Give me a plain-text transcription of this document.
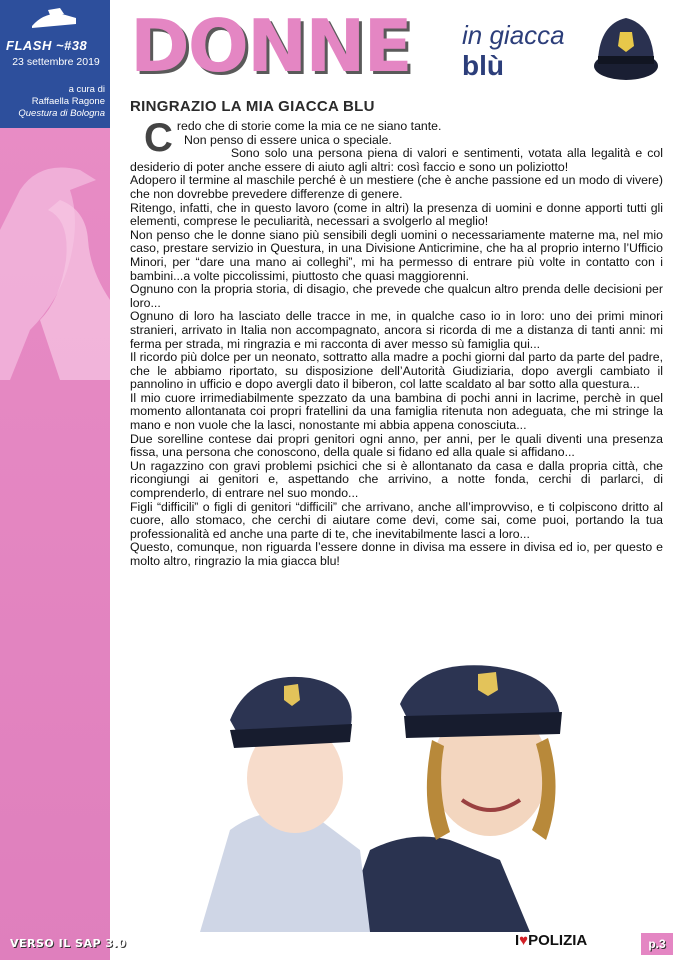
FLASH ~#38
23 settembre 2019
a cura di
Raffaella Ragone
Questura di Bologna
DONNE in giacca
blù
RINGRAZIO LA MIA GIACCA BLU
C redo che di storie come la mia ce ne siano tante.

Non penso di essere unica o speciale.

Sono solo una persona piena di valori e sentimenti, votata alla legalità e col desiderio di poter anche essere di aiuto agli altri: così faccio e sono un poliziotto!

Adopero il termine al maschile perché è un mestiere (che è anche passione ed un modo di vivere) che non dovrebbe prevedere differenze di genere.

Ritengo, infatti, che in questo lavoro (come in altri) la presenza di uomini e donne apporti tutti gli elementi, comprese le peculiarità, necessari a svolgerlo al meglio!

Non penso che le donne siano più sensibili degli uomini o necessariamente materne ma, nel mio caso, prestare servizio in Questura, in una Divisione Anticrimine, che ha al proprio interno l’Ufficio Minori, per “dare una mano ai colleghi”, mi ha permesso di entrare più volte in contatto con i bambini...a volte piccolissimi, piuttosto che quasi maggiorenni.

Ognuno con la propria storia, di disagio, che prevede che qualcun altro prenda delle decisioni per loro...

Ognuno di loro ha lasciato delle tracce in me, in qualche caso io in loro: uno dei primi minori stranieri, arrivato in Italia non accompagnato, ancora si ricorda di me a distanza di tanti anni: mi ferma per strada, mi ringrazia e mi racconta di aver messo sù famiglia qui...

Il ricordo più dolce per un neonato, sottratto alla madre a pochi giorni dal parto da parte del padre, che le abbiamo riportato, su disposizione dell’Autorità Giudiziaria, dopo avergli cambiato il pannolino in ufficio e dopo avergli dato il biberon, col latte scaldato al bar sotto alla questura...

Il mio cuore irrimediabilmente spezzato da una bambina di pochi anni in lacrime, perchè in quel momento allontanata coi propri fratellini da una famiglia ritenuta non adeguata, che mi stringe la mano e non vuole che la lasci, nonostante mi abbia appena conosciuta...

Due sorelline contese dai propri genitori ogni anno, per anni, per le quali diventi una presenza fissa, una persona che conoscono, della quale si fidano ed alla quale si affidano...

Un ragazzino con gravi problemi psichici che si è allontanato da casa e dalla propria città, che ricongiungi ai genitori e, aspettando che arrivino, a notte fonda, cerchi di parlarci, di comprenderlo, di entrare nel suo mondo...

Figli “difficili” o figli di genitori “difficili” che arrivano, anche all’improvviso, e ti colpiscono dritto al cuore, allo stomaco, che cerchi di aiutare come devi, come sai, come puoi, portando la tua professionalità ed anche una parte di te, che inevitabilmente lasci a loro...

Questo, comunque, non riguarda l’essere donne in divisa ma essere in divisa ed io, per questo e molto altro, ringrazio la mia giacca blu!

VERSO IL SAP 3.0	I♥POLIZIA	p.3
